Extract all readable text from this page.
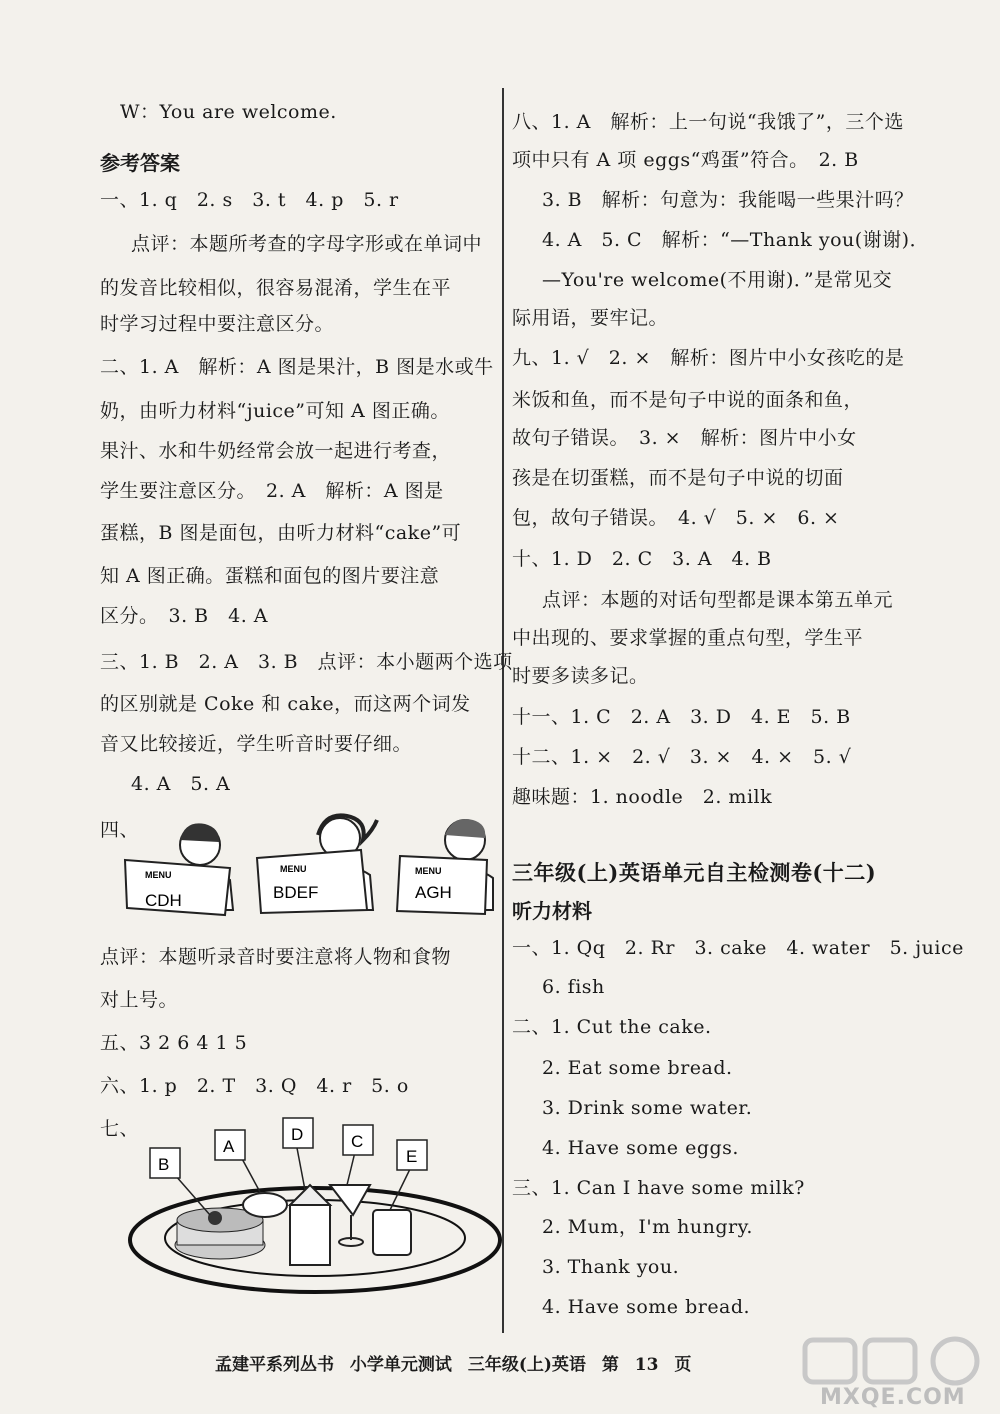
W：You are welcome.
参考答案
一、1. q　2. s　3. t　4. p　5. r
点评：本题所考查的字母字形或在单词中
的发音比较相似，很容易混淆，学生在平
时学习过程中要注意区分。
二、1. A　解析：A 图是果汁，B 图是水或牛
奶，由听力材料“juice”可知 A 图正确。
果汁、水和牛奶经常会放一起进行考查，
学生要注意区分。　2. A　解析：A 图是
蛋糕，B 图是面包，由听力材料“cake”可
知 A 图正确。蛋糕和面包的图片要注意
区分。　3. B　4. A
三、1. B　2. A　3. B　点评：本小题两个选项
的区别就是 Coke 和 cake，而这两个词发
音又比较接近，学生听音时要仔细。
4. A　5. A
四、
MENU
CDH
MENU
BDEF
MENU
AGH
点评：本题听录音时要注意将人物和食物
对上号。
五、3 2 6 4 1 5
六、1. p　2. T　3. Q　4. r　5. o
七、
B
A
D	C
E
八、1. A　解析：上一句说“我饿了”，三个选
项中只有 A 项 eggs“鸡蛋”符合。　2. B
3. B　解析：句意为：我能喝一些果汁吗？
4. A　5. C　解析：“—Thank you(谢谢)．
—You're welcome(不用谢)．”是常见交
际用语，要牢记。
九、1. √　2. ×　解析：图片中小女孩吃的是
米饭和鱼，而不是句子中说的面条和鱼，
故句子错误。　3. ×　解析：图片中小女
孩是在切蛋糕，而不是句子中说的切面
包，故句子错误。　4. √　5. ×　6. ×
十、1. D　2. C　3. A　4. B
点评：本题的对话句型都是课本第五单元
中出现的、要求掌握的重点句型，学生平
时要多读多记。
十一、1. C　2. A　3. D　4. E　5. B
十二、1. ×　2. √　3. ×　4. ×　5. √
趣味题：1. noodle　2. milk
三年级(上)英语单元自主检测卷(十二)
听力材料
一、1. Qq　2. Rr　3. cake　4. water　5. juice
6. fish
二、1. Cut the cake.
2. Eat some bread.
3. Drink some water.
4. Have some eggs.
三、1. Can I have some milk?
2. Mum，I'm hungry.
3. Thank you.
4. Have some bread.
孟建平系列丛书 小学单元测试 三年级(上)英语 第 13 页
MXQE.COM
